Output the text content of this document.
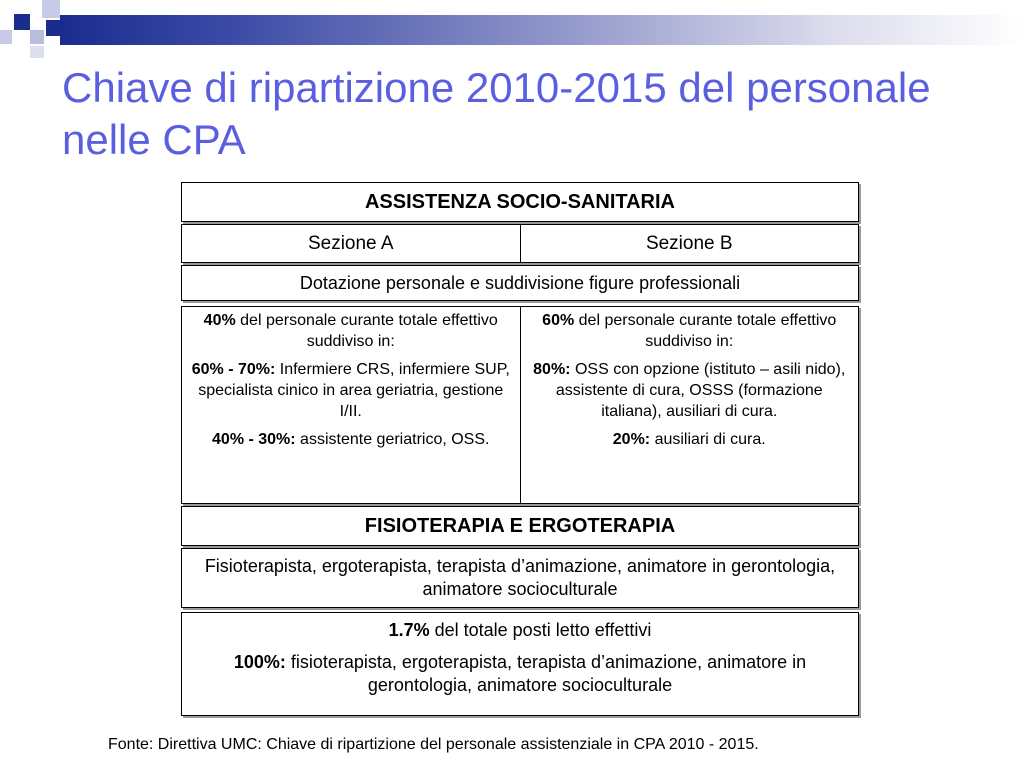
Chiave di ripartizione 2010-2015 del personale nelle CPA
ASSISTENZA SOCIO-SANITARIA
Sezione A	Sezione B
Dotazione personale e suddivisione figure professionali

40% del personale curante totale effettivo suddiviso in:

60% - 70%: Infermiere CRS, infermiere SUP, specialista cinico in area geriatria, gestione I/II.

40% - 30%: assistente geriatrico, OSS.

60% del personale curante totale effettivo suddiviso in:

80%: OSS con opzione (istituto – asili nido), assistente di cura, OSSS (formazione italiana), ausiliari di cura.

20%: ausiliari di cura.

FISIOTERAPIA E ERGOTERAPIA
Fisioterapista, ergoterapista, terapista d’animazione, animatore in gerontologia, animatore socioculturale

1.7% del totale posti letto effettivi

100%: fisioterapista, ergoterapista, terapista d’animazione, animatore in gerontologia, animatore socioculturale

Fonte: Direttiva UMC: Chiave di ripartizione del personale assistenziale in CPA 2010 - 2015.
